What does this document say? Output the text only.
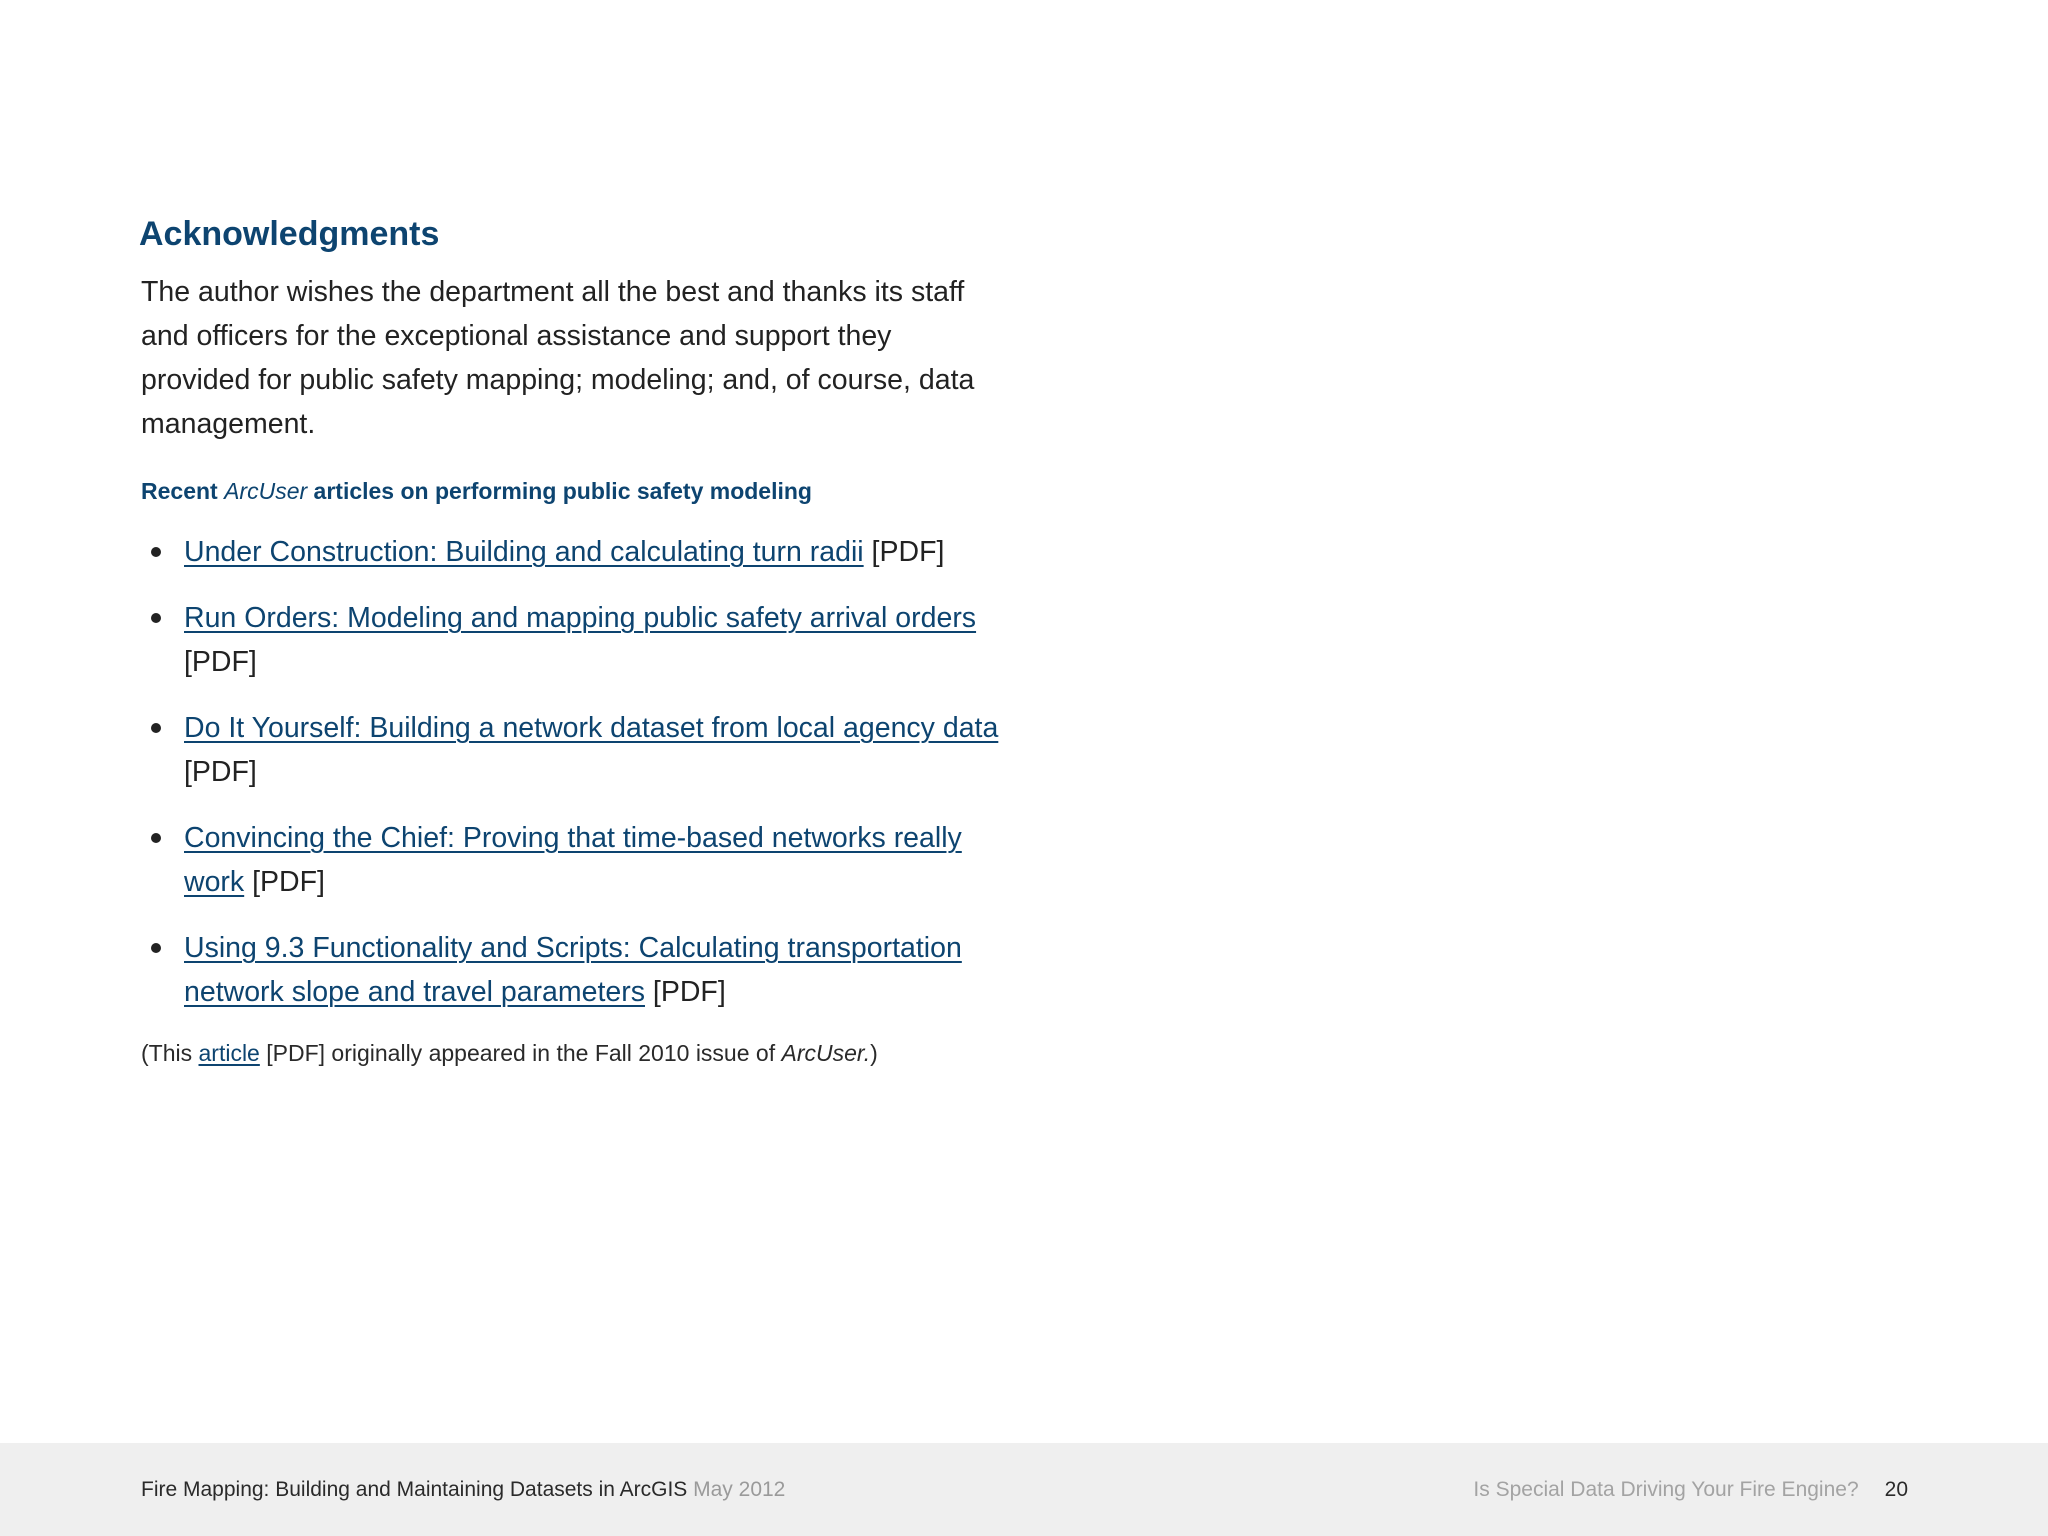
Acknowledgments

The author wishes the department all the best and thanks its staff and officers for the exceptional assistance and support they provided for public safety mapping; modeling; and, of course, data management.

Recent ArcUser articles on performing public safety modeling
Under Construction: Building and calculating turn radii [PDF]
Run Orders: Modeling and mapping public safety arrival orders [PDF]
Do It Yourself: Building a network dataset from local agency data [PDF]
Convincing the Chief: Proving that time-based networks really work [PDF]
Using 9.3 Functionality and Scripts: Calculating transportation network slope and travel parameters [PDF]

(This article [PDF] originally appeared in the Fall 2010 issue of ArcUser.)

Fire Mapping: Building and Maintaining Datasets in ArcGIS May 2012	Is Special Data Driving Your Fire Engine? 20
